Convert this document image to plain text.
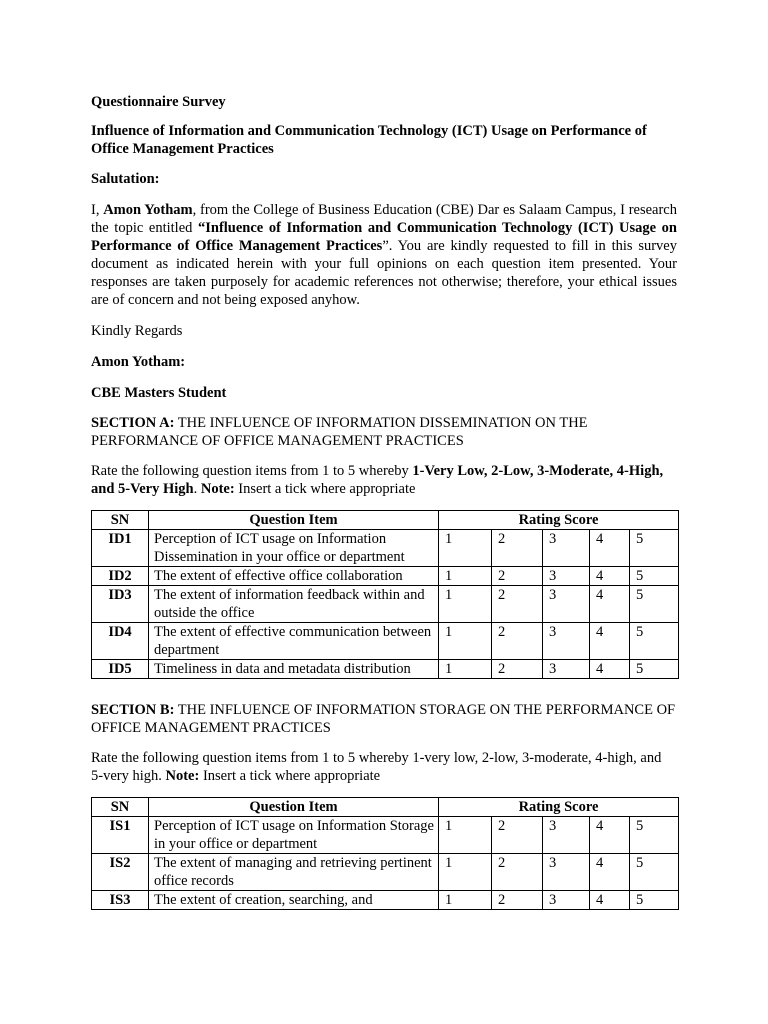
Questionnaire Survey

Influence of Information and Communication Technology (ICT) Usage on Performance of Office Management Practices

Salutation:

I, Amon Yotham, from the College of Business Education (CBE) Dar es Salaam Campus, I research the topic entitled “Influence of Information and Communication Technology (ICT) Usage on Performance of Office Management Practices”. You are kindly requested to fill in this survey document as indicated herein with your full opinions on each question item presented. Your responses are taken purposely for academic references not otherwise; therefore, your ethical issues are of concern and not being exposed anyhow.

Kindly Regards

Amon Yotham:

CBE Masters Student

SECTION A: THE INFLUENCE OF INFORMATION DISSEMINATION ON THE PERFORMANCE OF OFFICE MANAGEMENT PRACTICES

Rate the following question items from 1 to 5 whereby 1-Very Low, 2-Low, 3-Moderate, 4-High, and 5-Very High. Note: Insert a tick where appropriate

SN	Question Item	Rating Score				
ID1	Perception of ICT usage on Information Dissemination in your office or department	1	2	3	4	5
ID2	The extent of effective office collaboration	1	2	3	4	5
ID3	The extent of information feedback within and outside the office	1	2	3	4	5
ID4	The extent of effective communication between department	1	2	3	4	5
ID5	Timeliness in data and metadata distribution	1	2	3	4	5

SECTION B: THE INFLUENCE OF INFORMATION STORAGE ON THE PERFORMANCE OF OFFICE MANAGEMENT PRACTICES

Rate the following question items from 1 to 5 whereby 1-very low, 2-low, 3-moderate, 4-high, and 5-very high. Note: Insert a tick where appropriate

SN	Question Item	Rating Score				
IS1	Perception of ICT usage on Information Storage in your office or department	1	2	3	4	5
IS2	The extent of managing and retrieving pertinent office records	1	2	3	4	5
IS3	The extent of creation, searching, and	1	2	3	4	5
